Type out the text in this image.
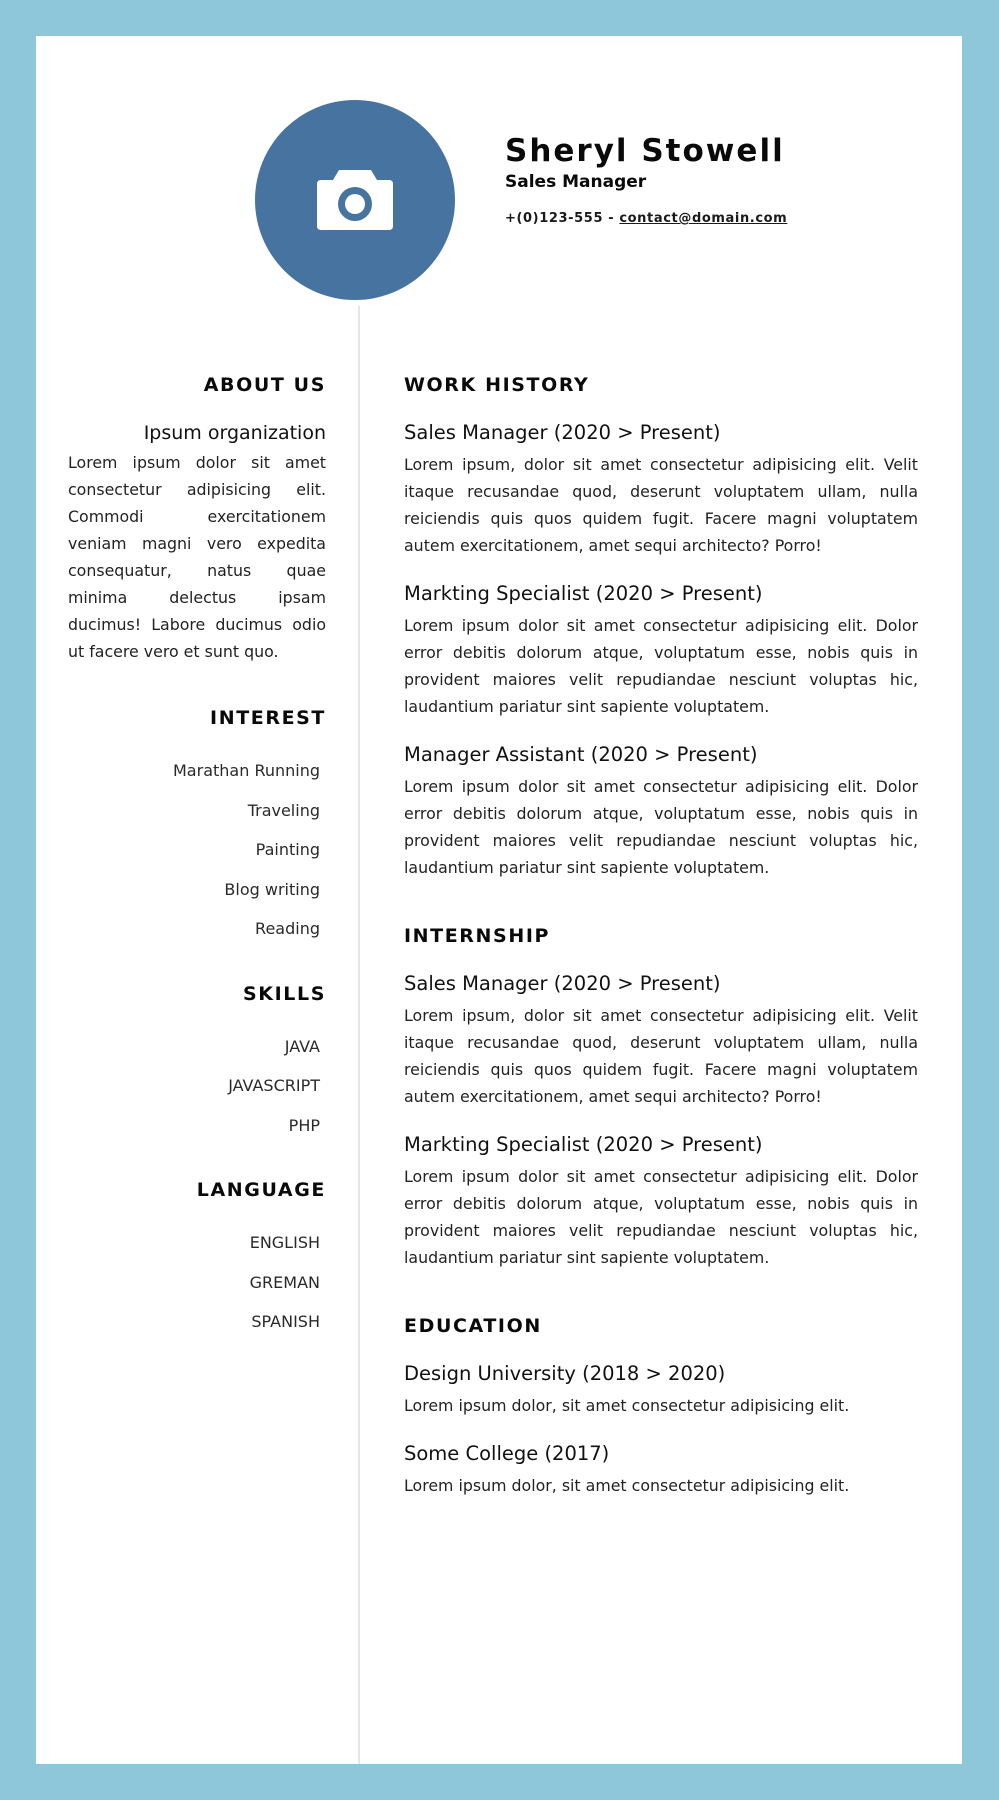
Sheryl Stowell
Sales Manager
+(0)123-555 - contact@domain.com
ABOUT US
Ipsum organization
Lorem ipsum dolor sit amet consectetur adipisicing elit. Commodi exercitationem veniam magni vero expedita consequatur, natus quae minima delectus ipsam ducimus! Labore ducimus odio ut facere vero et sunt quo.
INTEREST
Marathan Running
Traveling
Painting
Blog writing
Reading
SKILLS
JAVA
JAVASCRIPT
PHP
LANGUAGE
ENGLISH
GREMAN
SPANISH
WORK HISTORY
Sales Manager (2020 > Present)
Lorem ipsum, dolor sit amet consectetur adipisicing elit. Velit itaque recusandae quod, deserunt voluptatem ullam, nulla reiciendis quis quos quidem fugit. Facere magni voluptatem autem exercitationem, amet sequi architecto? Porro!
Markting Specialist (2020 > Present)
Lorem ipsum dolor sit amet consectetur adipisicing elit. Dolor error debitis dolorum atque, voluptatum esse, nobis quis in provident maiores velit repudiandae nesciunt voluptas hic, laudantium pariatur sint sapiente voluptatem.
Manager Assistant (2020 > Present)
Lorem ipsum dolor sit amet consectetur adipisicing elit. Dolor error debitis dolorum atque, voluptatum esse, nobis quis in provident maiores velit repudiandae nesciunt voluptas hic, laudantium pariatur sint sapiente voluptatem.
INTERNSHIP
Sales Manager (2020 > Present)
Lorem ipsum, dolor sit amet consectetur adipisicing elit. Velit itaque recusandae quod, deserunt voluptatem ullam, nulla reiciendis quis quos quidem fugit. Facere magni voluptatem autem exercitationem, amet sequi architecto? Porro!
Markting Specialist (2020 > Present)
Lorem ipsum dolor sit amet consectetur adipisicing elit. Dolor error debitis dolorum atque, voluptatum esse, nobis quis in provident maiores velit repudiandae nesciunt voluptas hic, laudantium pariatur sint sapiente voluptatem.
EDUCATION
Design University (2018 > 2020)
Lorem ipsum dolor, sit amet consectetur adipisicing elit.
Some College (2017)
Lorem ipsum dolor, sit amet consectetur adipisicing elit.
